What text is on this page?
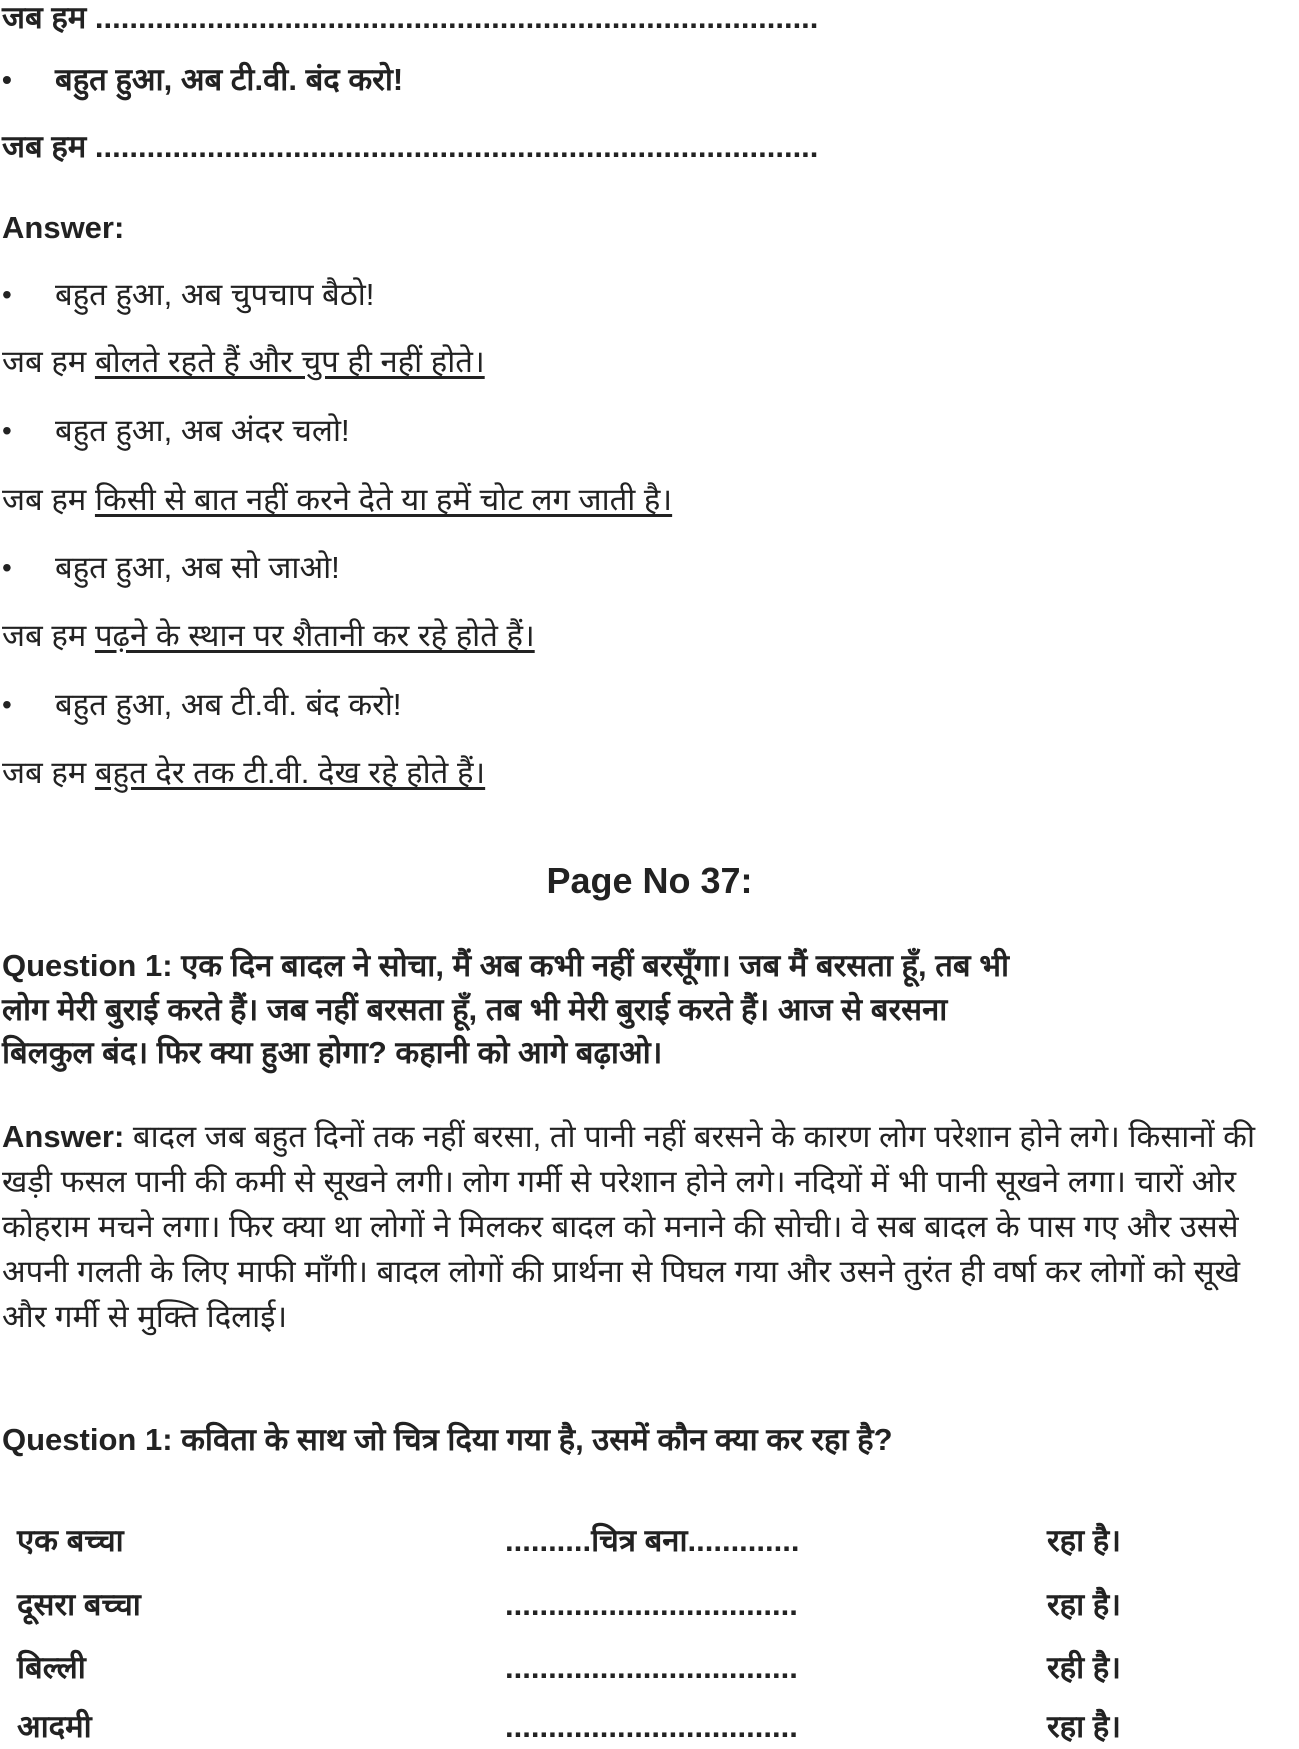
जब हम ....................................................................................
• बहुत हुआ, अब टी.वी. बंद करो!
जब हम ....................................................................................
Answer:
• बहुत हुआ, अब चुपचाप बैठो!
जब हम बोलते रहते हैं और चुप ही नहीं होते।
• बहुत हुआ, अब अंदर चलो!
जब हम किसी से बात नहीं करने देते या हमें चोट लग जाती है।
• बहुत हुआ, अब सो जाओ!
जब हम पढ़ने के स्थान पर शैतानी कर रहे होते हैं।
• बहुत हुआ, अब टी.वी. बंद करो!
जब हम बहुत देर तक टी.वी. देख रहे होते हैं।
Page No 37:
Question 1: एक दिन बादल ने सोचा, मैं अब कभी नहीं बरसूँगा। जब मैं बरसता हूँ, तब भी
लोग मेरी बुराई करते हैं। जब नहीं बरसता हूँ, तब भी मेरी बुराई करते हैं। आज से बरसना
बिलकुल बंद। फिर क्या हुआ होगा? कहानी को आगे बढ़ाओ।
Answer: बादल जब बहुत दिनों तक नहीं बरसा, तो पानी नहीं बरसने के कारण लोग परेशान होने लगे। किसानों की खड़ी फसल पानी की कमी से सूखने लगी। लोग गर्मी से परेशान होने लगे। नदियों में भी पानी सूखने लगा। चारों ओर कोहराम मचने लगा। फिर क्या था लोगों ने मिलकर बादल को मनाने की सोची। वे सब बादल के पास गए और उससे अपनी गलती के लिए माफी माँगी। बादल लोगों की प्रार्थना से पिघल गया और उसने तुरंत ही वर्षा कर लोगों को सूखे और गर्मी से मुक्ति दिलाई।
Question 1: कविता के साथ जो चित्र दिया गया है, उसमें कौन क्या कर रहा है?
एक बच्चा	..........चित्र बना.............	रहा है।
दूसरा बच्चा	..................................	रहा है।
बिल्ली	..................................	रही है।
आदमी	..................................	रहा है।
